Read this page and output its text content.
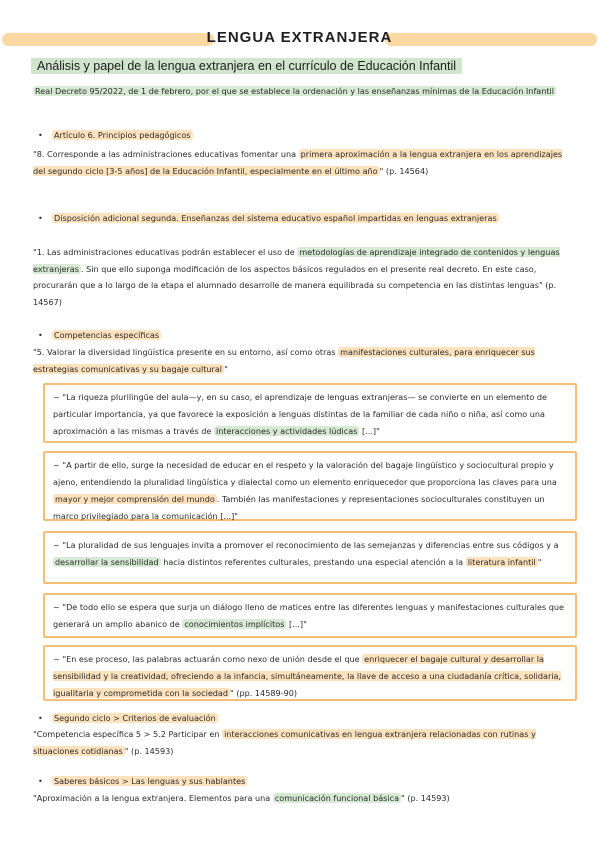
LENGUA EXTRANJERA
Análisis y papel de la lengua extranjera en el currículo de Educación Infantil
Real Decreto 95/2022, de 1 de febrero, por el que se establece la ordenación y las enseñanzas mínimas de la Educación Infantil
• Artículo 6. Principios pedagógicos
"8. Corresponde a las administraciones educativas fomentar una primera aproximación a la lengua extranjera en los aprendizajes del segundo ciclo [3-5 años] de la Educación Infantil, especialmente en el último año " (p. 14564)
• Disposición adicional segunda. Enseñanzas del sistema educativo español impartidas en lenguas extranjeras
"1. Las administraciones educativas podrán establecer el uso de metodologías de aprendizaje integrado de contenidos y lenguas extranjeras . Sin que ello suponga modificación de los aspectos básicos regulados en el presente real decreto. En este caso, procurarán que a lo largo de la etapa el alumnado desarrolle de manera equilibrada su competencia en las distintas lenguas" (p. 14567)
• Competencias específicas
"5. Valorar la diversidad lingüística presente en su entorno, así como otras manifestaciones culturales, para enriquecer sus estrategias comunicativas y su bagaje cultural "
~ "La riqueza plurilingüe del aula—y, en su caso, el aprendizaje de lenguas extranjeras— se convierte en un elemento de particular importancia, ya que favorece la exposición a lenguas distintas de la familiar de cada niño o niña, así como una aproximación a las mismas a través de interacciones y actividades lúdicas [...]"
~ "A partir de ello, surge la necesidad de educar en el respeto y la valoración del bagaje lingüístico y sociocultural propio y ajeno, entendiendo la pluralidad lingüística y dialectal como un elemento enriquecedor que proporciona las claves para una mayor y mejor comprensión del mundo . También las manifestaciones y representaciones socioculturales constituyen un marco privilegiado para la comunicación [...]"
~ "La pluralidad de sus lenguajes invita a promover el reconocimiento de las semejanzas y diferencias entre sus códigos y a desarrollar la sensibilidad hacia distintos referentes culturales, prestando una especial atención a la literatura infantil "
~ "De todo ello se espera que surja un diálogo lleno de matices entre las diferentes lenguas y manifestaciones culturales que generará un amplio abanico de conocimientos implícitos [...]"
~ "En ese proceso, las palabras actuarán como nexo de unión desde el que enriquecer el bagaje cultural y desarrollar la sensibilidad y la creatividad, ofreciendo a la infancia, simultáneamente, la llave de acceso a una ciudadanía crítica, solidaria, igualitaria y comprometida con la sociedad " (pp. 14589-90)
• Segundo ciclo > Criterios de evaluación
"Competencia específica 5 > 5.2 Participar en interacciones comunicativas en lengua extranjera relacionadas con rutinas y situaciones cotidianas " (p. 14593)
• Saberes básicos > Las lenguas y sus hablantes
"Aproximación a la lengua extranjera. Elementos para una comunicación funcional básica " (p. 14593)
